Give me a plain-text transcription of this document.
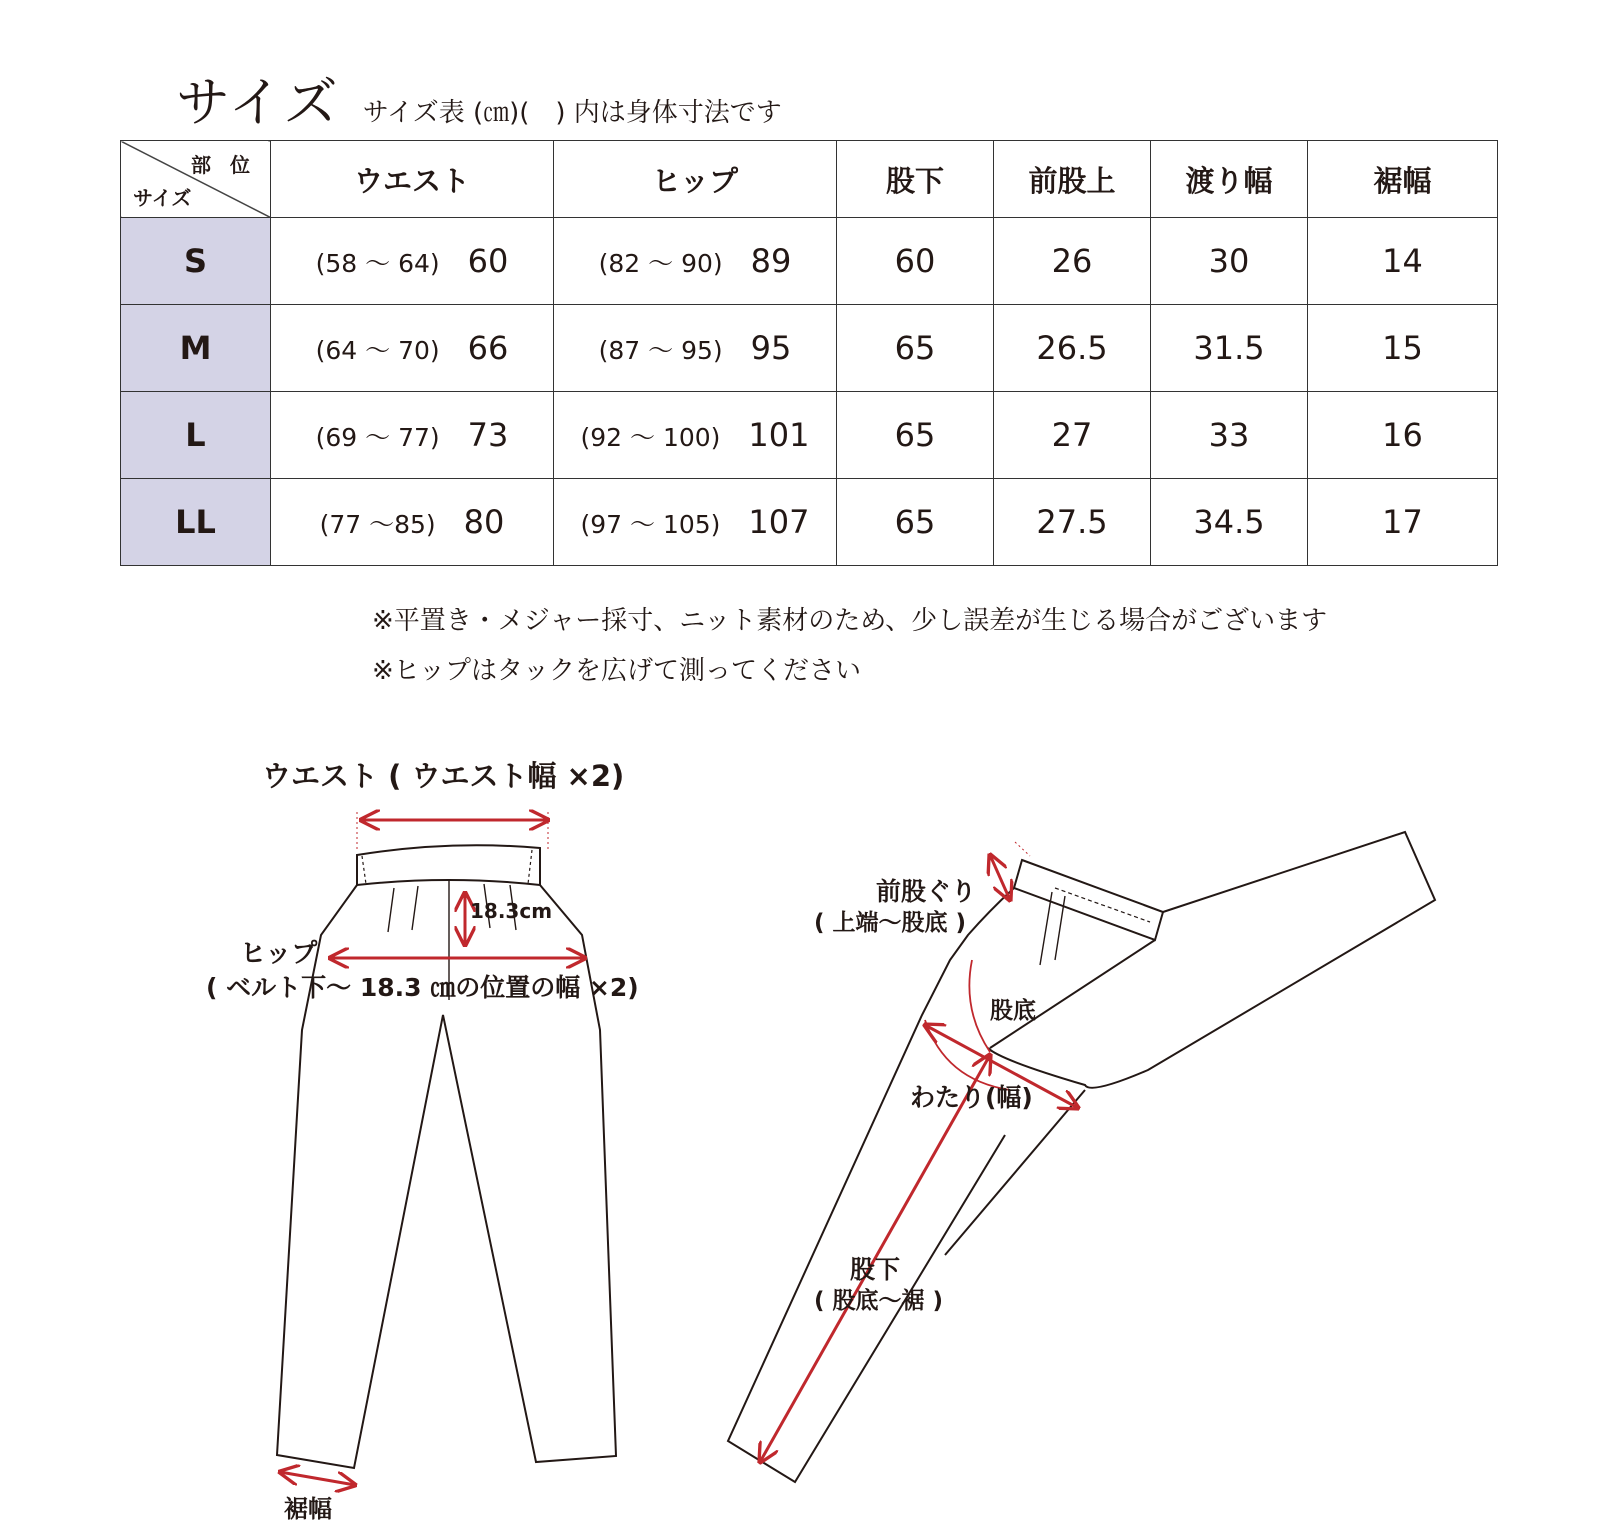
サイズ サイズ表 (㎝)(　) 内は身体寸法です
部 位
サイズ	ウエスト	ヒップ	股下	前股上	渡り幅	裾幅
S	(58 ～ 64) 60	(82 ～ 90) 89	60	26	30	14
M	(64 ～ 70) 66	(87 ～ 95) 95	65	26.5	31.5	15
L	(69 ～ 77) 73	(92 ～ 100) 101	65	27	33	16
LL	(77 ～85) 80	(97 ～ 105) 107	65	27.5	34.5	17
※平置き・メジャー採寸、ニット素材のため、少し誤差が生じる場合がございます
※ヒップはタックを広げて測ってください
ウエスト ( ウエスト幅 ×2)
18.3cm
ヒップ
( ベルト下～ 18.3 ㎝の位置の幅 ×2)
裾幅
前股ぐり
( 上端～股底 )
股底
わたり(幅)
股下
( 股底～裾 )
